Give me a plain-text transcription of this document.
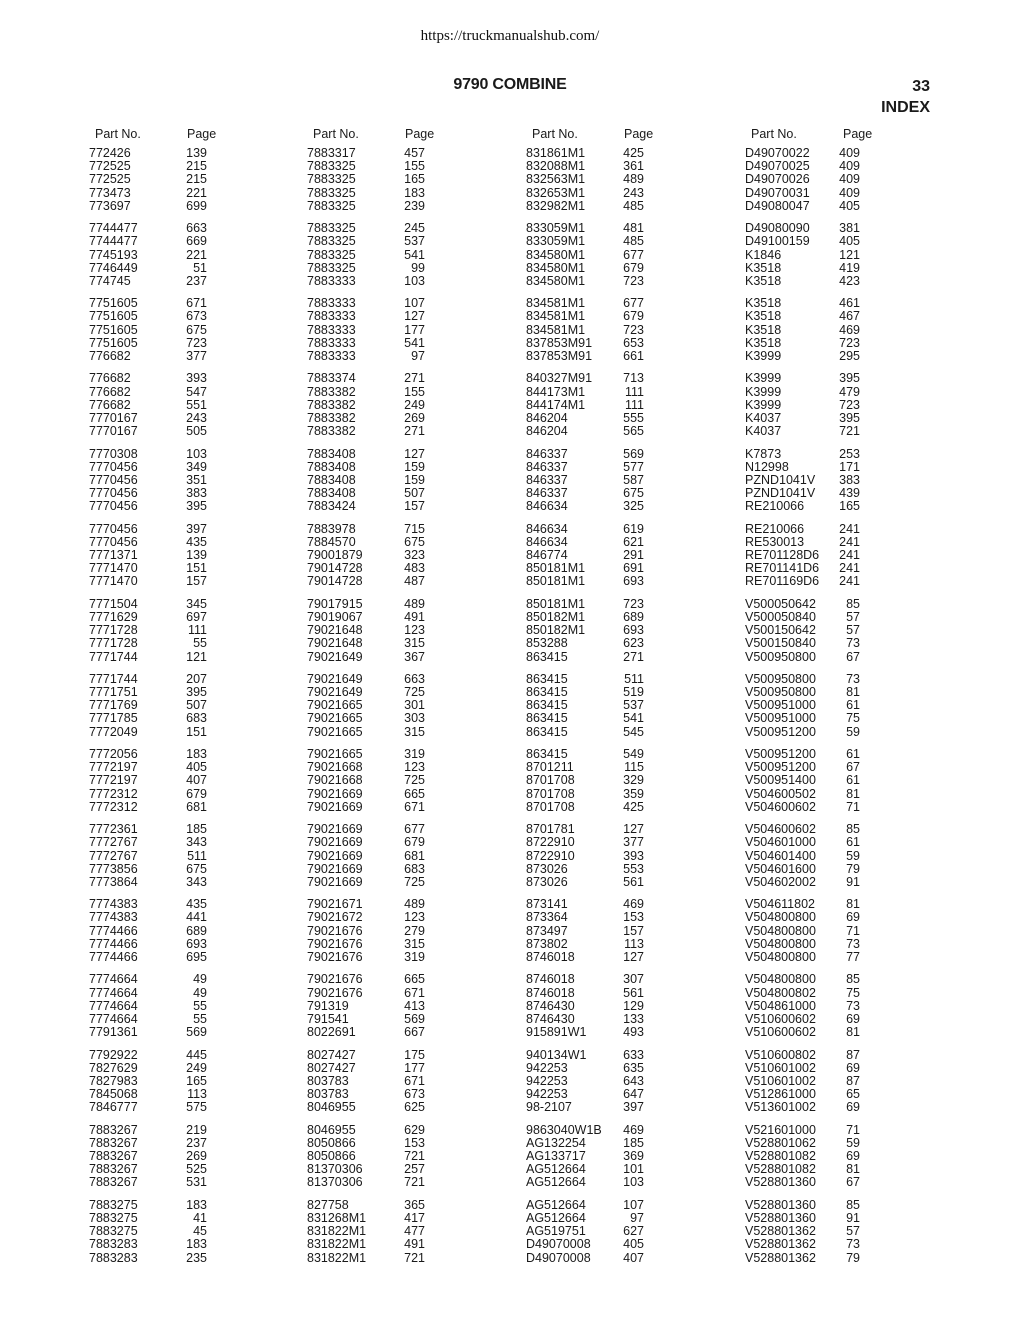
https://truckmanualshub.com/
9790 COMBINE	33
INDEX
Part No.	Page
772426	139
772525	215
772525	215
773473	221
773697	699
7744477	663
7744477	669
7745193	221
7746449	51
774745	237
7751605	671
7751605	673
7751605	675
7751605	723
776682	377
776682	393
776682	547
776682	551
7770167	243
7770167	505
7770308	103
7770456	349
7770456	351
7770456	383
7770456	395
7770456	397
7770456	435
7771371	139
7771470	151
7771470	157
7771504	345
7771629	697
7771728	111
7771728	55
7771744	121
7771744	207
7771751	395
7771769	507
7771785	683
7772049	151
7772056	183
7772197	405
7772197	407
7772312	679
7772312	681
7772361	185
7772767	343
7772767	511
7773856	675
7773864	343
7774383	435
7774383	441
7774466	689
7774466	693
7774466	695
7774664	49
7774664	49
7774664	55
7774664	55
7791361	569
7792922	445
7827629	249
7827983	165
7845068	113
7846777	575
7883267	219
7883267	237
7883267	269
7883267	525
7883267	531
7883275	183
7883275	41
7883275	45
7883283	183
7883283	235
Part No.	Page
7883317	457
7883325	155
7883325	165
7883325	183
7883325	239
7883325	245
7883325	537
7883325	541
7883325	99
7883333	103
7883333	107
7883333	127
7883333	177
7883333	541
7883333	97
7883374	271
7883382	155
7883382	249
7883382	269
7883382	271
7883408	127
7883408	159
7883408	159
7883408	507
7883424	157
7883978	715
7884570	675
79001879	323
79014728	483
79014728	487
79017915	489
79019067	491
79021648	123
79021648	315
79021649	367
79021649	663
79021649	725
79021665	301
79021665	303
79021665	315
79021665	319
79021668	123
79021668	725
79021669	665
79021669	671
79021669	677
79021669	679
79021669	681
79021669	683
79021669	725
79021671	489
79021672	123
79021676	279
79021676	315
79021676	319
79021676	665
79021676	671
791319	413
791541	569
8022691	667
8027427	175
8027427	177
803783	671
803783	673
8046955	625
8046955	629
8050866	153
8050866	721
81370306	257
81370306	721
827758	365
831268M1	417
831822M1	477
831822M1	491
831822M1	721
Part No.	Page
831861M1	425
832088M1	361
832563M1	489
832653M1	243
832982M1	485
833059M1	481
833059M1	485
834580M1	677
834580M1	679
834580M1	723
834581M1	677
834581M1	679
834581M1	723
837853M91 653
837853M91 661
840327M91 713
844173M1	111
844174M1	111
846204	555
846204	565
846337	569
846337	577
846337	587
846337	675
846634	325
846634	619
846634	621
846774	291
850181M1	691
850181M1	693
850181M1	723
850182M1	689
850182M1	693
853288	623
863415	271
863415	511
863415	519
863415	537
863415	541
863415	545
863415	549
8701211	115
8701708	329
8701708	359
8701708	425
8701781	127
8722910	377
8722910	393
873026	553
873026	561
873141	469
873364	153
873497	157
873802	113
8746018	127
8746018	307
8746018	561
8746430	129
8746430	133
915891W1	493
940134W1	633
942253	635
942253	643
942253	647
98-2107	397
9863040W1B 469
AG132254	185
AG133717	369
AG512664	101
AG512664	103
AG512664	107
AG512664	97
AG519751	627
D49070008	405
D49070008	407
Part No.	Page
D49070022 409
D49070025 409
D49070026 409
D49070031 409
D49080047 405
D49080090 381
D49100159 405
K1846	121
K3518	419
K3518	423
K3518	461
K3518	467
K3518	469
K3518	723
K3999	295
K3999	395
K3999	479
K3999	723
K4037	395
K4037	721
K7873	253
N12998	171
PZND1041V 383
PZND1041V 439
RE210066	165
RE210066	241
RE530013	241
RE701128D6 241
RE701141D6 241
RE701169D6 241
V500050642	85
V500050840	57
V500150642	57
V500150840	73
V500950800	67
V500950800	73
V500950800	81
V500951000	61
V500951000	75
V500951200	59
V500951200	61
V500951200	67
V500951400	61
V504600502	81
V504600602	71
V504600602	85
V504601000	61
V504601400	59
V504601600	79
V504602002	91
V504611802	81
V504800800	69
V504800800	71
V504800800	73
V504800800	77
V504800800	85
V504800802	75
V504861000	73
V510600602	69
V510600602	81
V510600802	87
V510601002	69
V510601002	87
V512861000	65
V513601002	69
V521601000	71
V528801062	59
V528801082	69
V528801082	81
V528801360	67
V528801360	85
V528801360	91
V528801362	57
V528801362	73
V528801362	79
